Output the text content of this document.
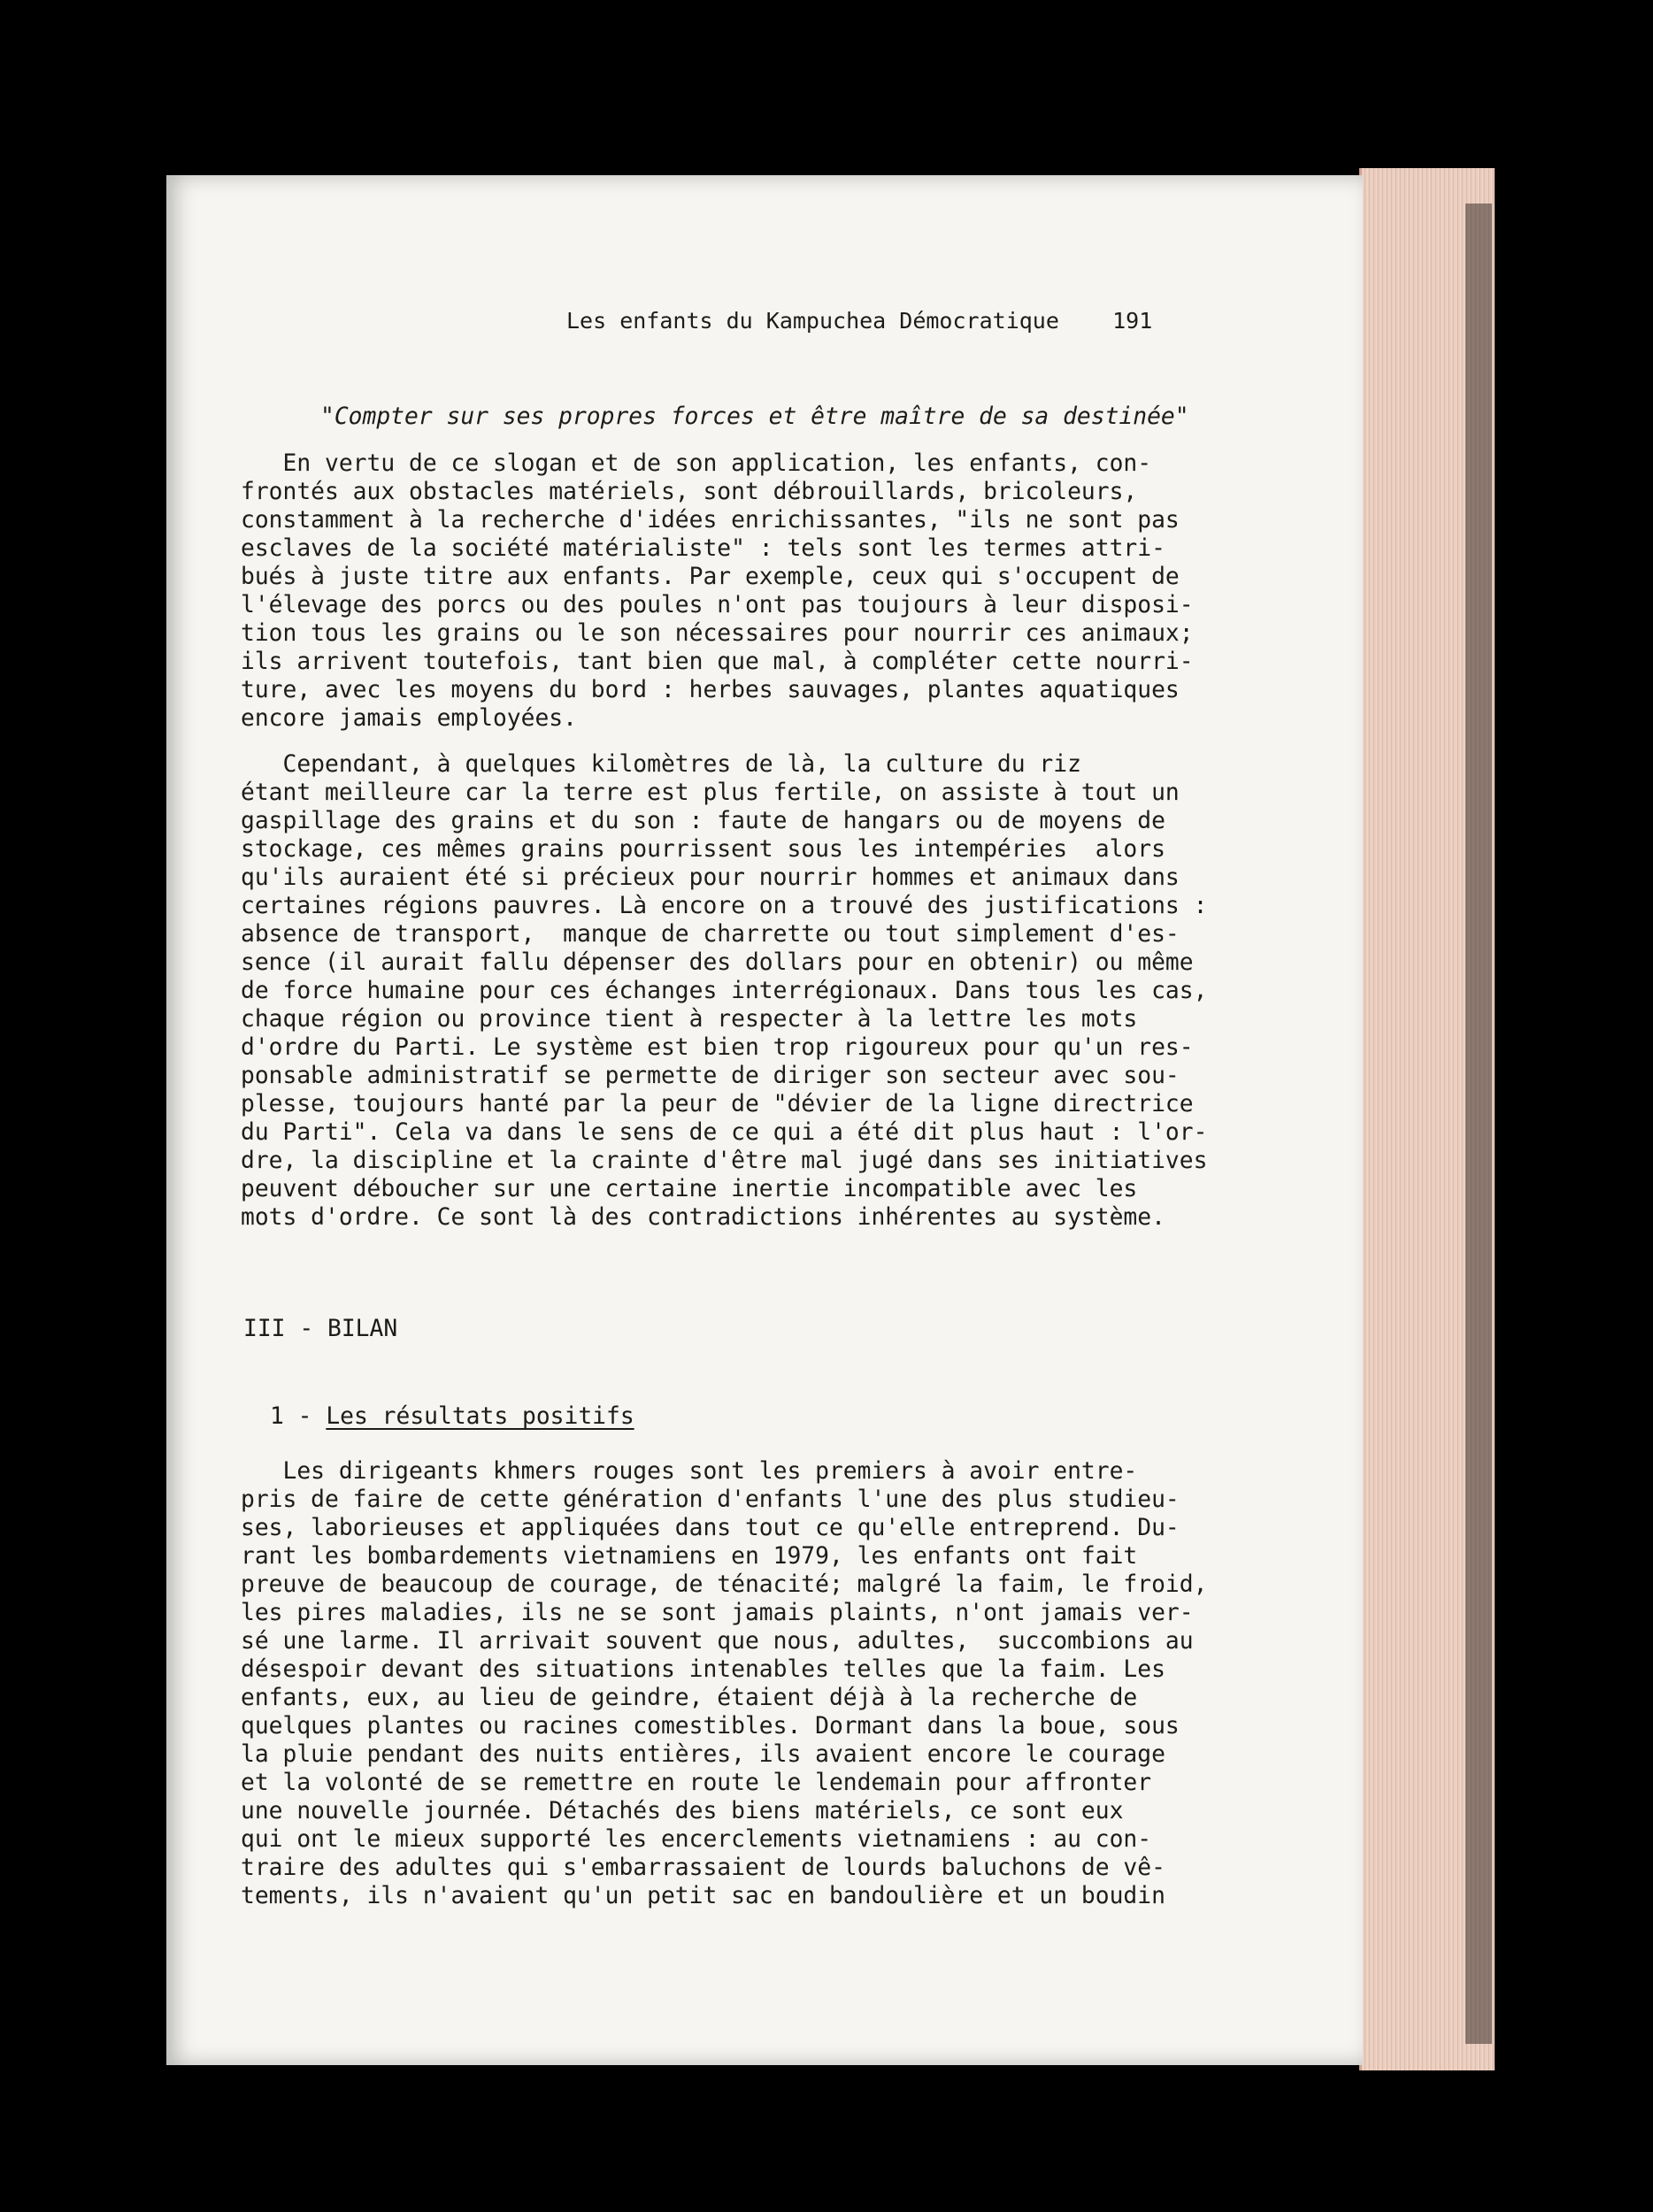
Les enfants du Kampuchea Démocratique 191
"Compter sur ses propres forces et être maître de sa destinée"
En vertu de ce slogan et de son application, les enfants, con-
frontés aux obstacles matériels, sont débrouillards, bricoleurs,
constamment à la recherche d'idées enrichissantes, "ils ne sont pas
esclaves de la société matérialiste" : tels sont les termes attri-
bués à juste titre aux enfants. Par exemple, ceux qui s'occupent de
l'élevage des porcs ou des poules n'ont pas toujours à leur disposi-
tion tous les grains ou le son nécessaires pour nourrir ces animaux;
ils arrivent toutefois, tant bien que mal, à compléter cette nourri-
ture, avec les moyens du bord : herbes sauvages, plantes aquatiques
encore jamais employées.
Cependant, à quelques kilomètres de là, la culture du riz
étant meilleure car la terre est plus fertile, on assiste à tout un
gaspillage des grains et du son : faute de hangars ou de moyens de
stockage, ces mêmes grains pourrissent sous les intempéries  alors
qu'ils auraient été si précieux pour nourrir hommes et animaux dans
certaines régions pauvres. Là encore on a trouvé des justifications :
absence de transport,  manque de charrette ou tout simplement d'es-
sence (il aurait fallu dépenser des dollars pour en obtenir) ou même
de force humaine pour ces échanges interrégionaux. Dans tous les cas,
chaque région ou province tient à respecter à la lettre les mots
d'ordre du Parti. Le système est bien trop rigoureux pour qu'un res-
ponsable administratif se permette de diriger son secteur avec sou-
plesse, toujours hanté par la peur de "dévier de la ligne directrice
du Parti". Cela va dans le sens de ce qui a été dit plus haut : l'or-
dre, la discipline et la crainte d'être mal jugé dans ses initiatives
peuvent déboucher sur une certaine inertie incompatible avec les
mots d'ordre. Ce sont là des contradictions inhérentes au système.
III - BILAN
1 - Les résultats positifs
Les dirigeants khmers rouges sont les premiers à avoir entre-
pris de faire de cette génération d'enfants l'une des plus studieu-
ses, laborieuses et appliquées dans tout ce qu'elle entreprend. Du-
rant les bombardements vietnamiens en 1979, les enfants ont fait
preuve de beaucoup de courage, de ténacité; malgré la faim, le froid,
les pires maladies, ils ne se sont jamais plaints, n'ont jamais ver-
sé une larme. Il arrivait souvent que nous, adultes,  succombions au
désespoir devant des situations intenables telles que la faim. Les
enfants, eux, au lieu de geindre, étaient déjà à la recherche de
quelques plantes ou racines comestibles. Dormant dans la boue, sous
la pluie pendant des nuits entières, ils avaient encore le courage
et la volonté de se remettre en route le lendemain pour affronter
une nouvelle journée. Détachés des biens matériels, ce sont eux
qui ont le mieux supporté les encerclements vietnamiens : au con-
traire des adultes qui s'embarrassaient de lourds baluchons de vê-
tements, ils n'avaient qu'un petit sac en bandoulière et un boudin
